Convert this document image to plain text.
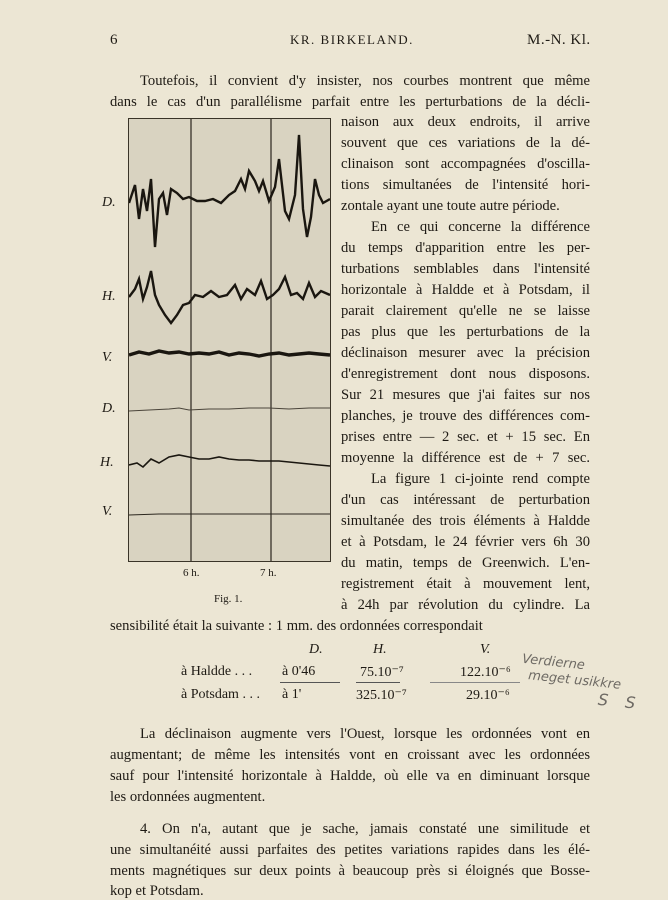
6	KR. BIRKELAND.	M.-N. Kl.
Toutefois, il convient d'y insister, nos courbes montrent que même
dans le cas d'un parallélisme parfait entre les perturbations de la décli-
naison aux deux endroits, il arrive
souvent que ces variations de la dé-
clinaison sont accompagnées d'oscilla-
tions simultanées de l'intensité hori-
zontale ayant une toute autre période.
En ce qui concerne la différence
du temps d'apparition entre les per-
turbations semblables dans l'intensité
horizontale à Haldde et à Potsdam, il
parait clairement qu'elle ne se laisse
pas plus que les perturbations de la
déclinaison mesurer avec la précision
d'enregistrement dont nous disposons.
Sur 21 mesures que j'ai faites sur nos
planches, je trouve des différences com-
prises entre — 2 sec. et + 15 sec. En
moyenne la différence est de + 7 sec.
La figure 1 ci-jointe rend compte
d'un cas intéressant de perturbation
simultanée des trois éléments à Haldde
et à Potsdam, le 24 février vers 6h 30
du matin, temps de Greenwich. L'en-
registrement était à mouvement lent,
à 24h par révolution du cylindre. La
D.
H.
V.
D.
H.
V.
6 h.	7 h.
Fig. 1.
sensibilité était la suivante : 1 mm. des ordonnées correspondait
D.	H.	V.
à Haldde . . . à 0'46	75.10⁻⁷	122.10⁻⁶
à Potsdam . . . à 1'	325.10⁻⁷	29.10⁻⁶
Verdierne
meget usikkre
S S
La déclinaison augmente vers l'Ouest, lorsque les ordonnées vont en
augmentant; de même les intensités vont en croissant avec les ordonnées
sauf pour l'intensité horizontale à Haldde, où elle va en diminuant lorsque
les ordonnées augmentent.
4. On n'a, autant que je sache, jamais constaté une similitude et
une simultanéité aussi parfaites des petites variations rapides dans les élé-
ments magnétiques sur deux points à beaucoup près si éloignés que Bosse-
kop et Potsdam.
